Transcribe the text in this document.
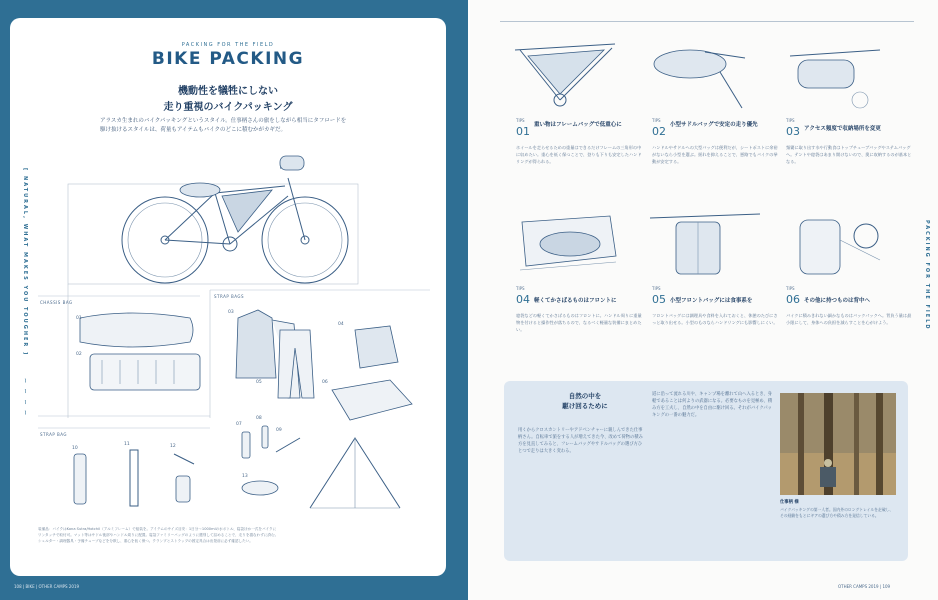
PACKING FOR THE FIELD
BIKE PACKING
機動性を犠牲にしない
走り重視のバイクパッキング
アラスカ生まれのバイクパッキングというスタイル。仕事柄さんの旅をしながら相当にタフロードを
駆け抜けるスタイルは、荷量もアイテムもバイクのどこに積むかがカギだ。
[ NATURAL, WHAT MAKES YOU TOUGHER ]
ー ー ー ー
CHASSIS BAG
STRAP BAGS
STRAP BAG
01
02
03
04
05	06
07
08
09
10
11	12
13
装備品：バイクはKona Sutra/Hotchil（アルミフレーム）で組装を。アイテムのサイズ目安：1日分～1000mlの水ボトル、寝袋ほか一式をバイクに
ワンタッチで取付可。マット等はサドル後部やハンドル周りに配置。寝袋ファミリーバッグのように選別して詰めることで、走りを損なわずに済む。
シェルター・調理器具・予備チューブなどを分散し、重心を低く保つ。クランプとストラップの固定具合は出発前に必ず確認したい。
108 | BIKE | OTHER CAMPS 2019
PACKING FOR THE FIELD
TIPS
01 重い物はフレームバッグで低重心に
ホイールを走らせるための重量はできるだけフレームの三角形の中に収めたい。重心を低く保つことで、登りも下りも安定したハンドリングが得られる。
TIPS
02 小型サドルバッグで安定の走り優先
ハンドルやサドルへの大型バッグは便利だが、シートポストに余裕がないなら小型を選ぶ。揺れを抑えることで、悪路でもバイクの挙動が安定する。
TIPS
03 アクセス頻度で収納場所を変更
頻繁に取り出す水や行動食はトップチューブバッグやステムバッグへ。テントや寝袋はあまり開けないので、奥に収納するのが基本となる。
TIPS
04 軽くてかさばるものはフロントに
寝袋などの軽くてかさばるものはフロントに。ハンドル周りに重量物を付けると操作性が落ちるので、なるべく軽量な装備にまとめたい。
TIPS
05 小型フロントバッグには食事系を
フロントバッグには調理具や食料を入れておくと、休憩のたびにさっと取り出せる。小型のものならハンドリングにも影響しにくい。
TIPS
06 その他に持つものは背中へ
バイクに積みきれない細かなものはバックパックへ。背負う量は最小限にして、身体への負担を減らすことを心がけよう。
自然の中を
駆け回るために
用くからクロスカントリーやアドベンチャーに親しんできた仕事柄さん。自転車で旅をする人が増えてきた今、改めて荷物の積み方を見直してみると、フレームバッグやサドルバッグの選び方ひとつで走りは大きく変わる。
道に沿って流れる川や、キャンプ場を離れて山へ入るとき、身軽であることは何よりの武器になる。必要なものを見極め、積み方を工夫し、自然の中を自由に駆け回る。それがバイクパッキングの一番の魅力だ。
仕事柄 様
バイクパッキングの第一人者。国内外のロングトレイルを走破し、その経験をもとにギアの選び方や積み方を発信している。
OTHER CAMPS 2019 | 109
